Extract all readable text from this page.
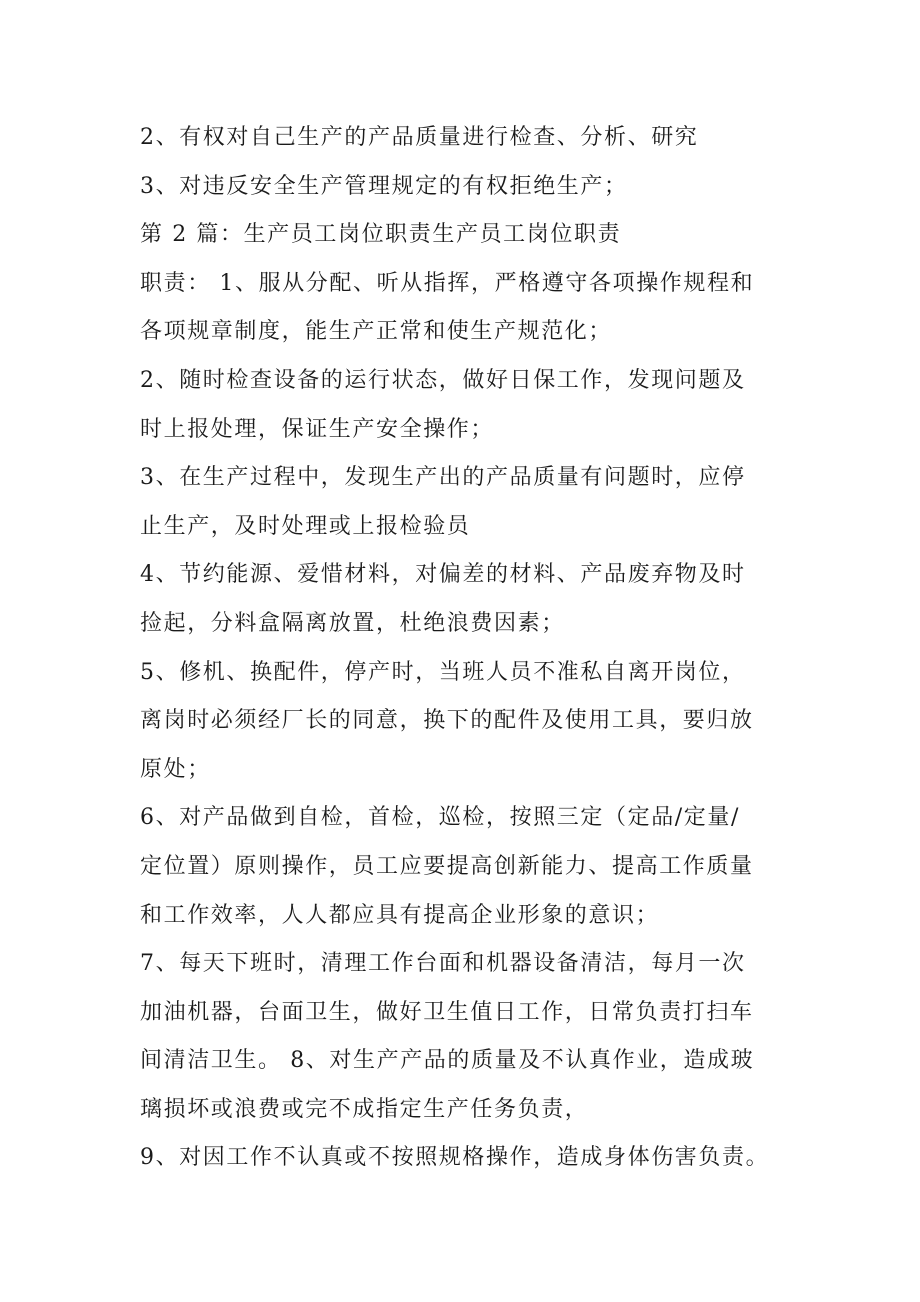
2、有权对自己生产的产品质量进行检查、分析、研究
3、对违反安全生产管理规定的有权拒绝生产；
第 2 篇：生产员工岗位职责生产员工岗位职责
职责： 1、服从分配、听从指挥，严格遵守各项操作规程和
各项规章制度，能生产正常和使生产规范化；
2、随时检查设备的运行状态，做好日保工作，发现问题及
时上报处理，保证生产安全操作；
3、在生产过程中，发现生产出的产品质量有问题时，应停
止生产，及时处理或上报检验员
4、节约能源、爱惜材料，对偏差的材料、产品废弃物及时
捡起，分料盒隔离放置，杜绝浪费因素；
5、修机、换配件，停产时，当班人员不准私自离开岗位，
离岗时必须经厂长的同意，换下的配件及使用工具，要归放
原处；
6、对产品做到自检，首检，巡检，按照三定（定品/定量/
定位置）原则操作，员工应要提高创新能力、提高工作质量
和工作效率，人人都应具有提高企业形象的意识；
7、每天下班时，清理工作台面和机器设备清洁，每月一次
加油机器，台面卫生，做好卫生值日工作，日常负责打扫车
间清洁卫生。 8、对生产产品的质量及不认真作业，造成玻
璃损坏或浪费或完不成指定生产任务负责，
9、对因工作不认真或不按照规格操作，造成身体伤害负责。
